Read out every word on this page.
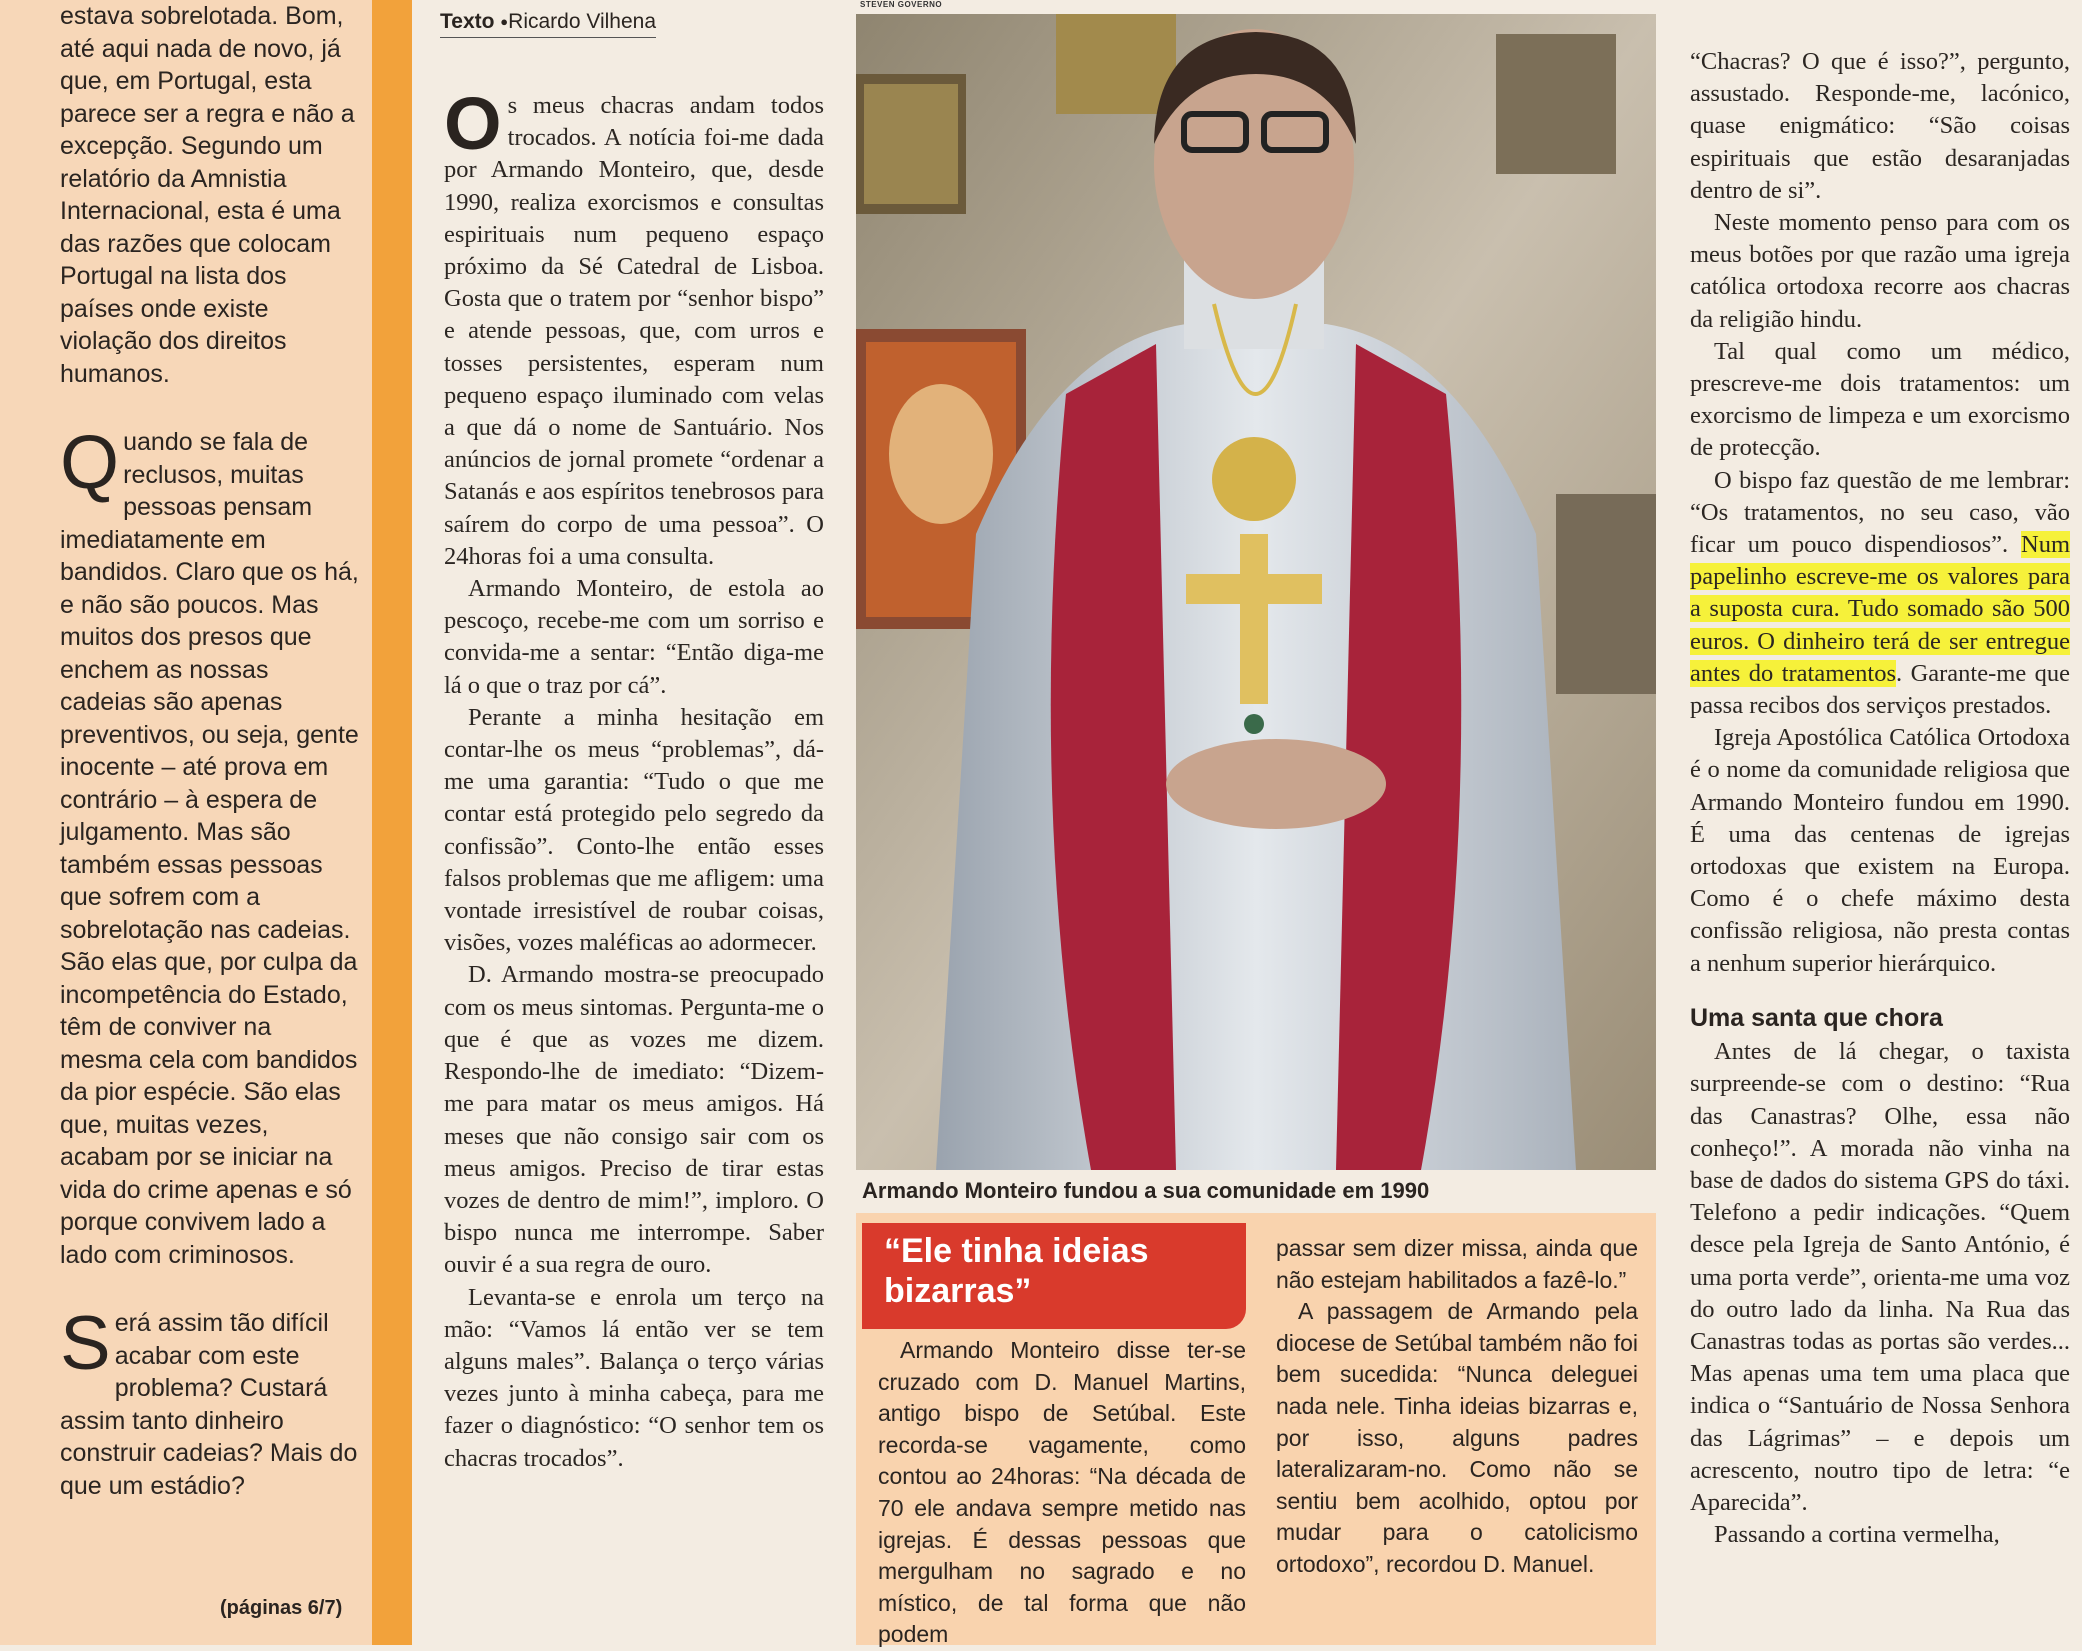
estava sobrelotada. Bom, até aqui nada de novo, já que, em Portugal, esta parece ser a regra e não a excepção. Segundo um relatório da Amnistia Internacional, esta é uma das razões que colocam Portugal na lista dos países onde existe violação dos direitos humanos.

Quando se fala de reclusos, muitas pessoas pensam imediatamente em bandidos. Claro que os há, e não são poucos. Mas muitos dos presos que enchem as nossas cadeias são apenas preventivos, ou seja, gente inocente – até prova em contrário – à espera de julgamento. Mas são também essas pessoas que sofrem com a sobrelotação nas cadeias. São elas que, por culpa da incompetência do Estado, têm de conviver na mesma cela com bandidos da pior espécie. São elas que, muitas vezes, acabam por se iniciar na vida do crime apenas e só porque convivem lado a lado com criminosos.

Será assim tão difícil acabar com este problema? Custará assim tanto dinheiro construir cadeias? Mais do que um estádio?

(páginas 6/7)
Texto ●Ricardo Vilhena
STEVEN GOVERNO

Os meus chacras andam todos trocados. A notícia foi-me dada por Armando Monteiro, que, desde 1990, realiza exorcismos e consultas espirituais num pequeno espaço próximo da Sé Catedral de Lisboa. Gosta que o tratem por “senhor bispo” e atende pessoas, que, com urros e tosses persistentes, esperam num pequeno espaço iluminado com velas a que dá o nome de Santuário. Nos anúncios de jornal promete “ordenar a Satanás e aos espíritos tenebrosos para saírem do corpo de uma pessoa”. O 24horas foi a uma consulta.

Armando Monteiro, de estola ao pescoço, recebe-me com um sorriso e convida-me a sentar: “Então diga-me lá o que o traz por cá”.

Perante a minha hesitação em contar-lhe os meus “problemas”, dá-me uma garantia: “Tudo o que me contar está protegido pelo segredo da confissão”. Conto-lhe então esses falsos problemas que me afligem: uma vontade irresistível de roubar coisas, visões, vozes maléficas ao adormecer.

D. Armando mostra-se preocupado com os meus sintomas. Pergunta-me o que é que as vozes me dizem. Respondo-lhe de imediato: “Dizem-me para matar os meus amigos. Há meses que não consigo sair com os meus amigos. Preciso de tirar estas vozes de dentro de mim!”, imploro. O bispo nunca me interrompe. Saber ouvir é a sua regra de ouro.

Levanta-se e enrola um terço na mão: “Vamos lá então ver se tem alguns males”. Balança o terço várias vezes junto à minha cabeça, para me fazer o diagnóstico: “O senhor tem os chacras trocados”.

Armando Monteiro fundou a sua comunidade em 1990
“Ele tinha ideias bizarras”

Armando Monteiro disse ter-se cruzado com D. Manuel Martins, antigo bispo de Setúbal. Este recorda-se vagamente, como contou ao 24horas: “Na década de 70 ele andava sempre metido nas igrejas. É dessas pessoas que mergulham no sagrado e no místico, de tal forma que não podem

passar sem dizer missa, ainda que não estejam habilitados a fazê-lo.”

A passagem de Armando pela diocese de Setúbal também não foi bem sucedida: “Nunca deleguei nada nele. Tinha ideias bizarras e, por isso, alguns padres lateralizaram-no. Como não se sentiu bem acolhido, optou por mudar para o catolicismo ortodoxo”, recordou D. Manuel.

“Chacras? O que é isso?”, pergunto, assustado. Responde-me, lacónico, quase enigmático: “São coisas espirituais que estão desaranjadas dentro de si”.

Neste momento penso para com os meus botões por que razão uma igreja católica ortodoxa recorre aos chacras da religião hindu.

Tal qual como um médico, prescreve-me dois tratamentos: um exorcismo de limpeza e um exorcismo de protecção.

O bispo faz questão de me lembrar: “Os tratamentos, no seu caso, vão ficar um pouco dispendiosos”. Num papelinho escreve-me os valores para a suposta cura. Tudo somado são 500 euros. O dinheiro terá de ser entregue antes do tratamentos. Garante-me que passa recibos dos serviços prestados.

Igreja Apostólica Católica Ortodoxa é o nome da comunidade religiosa que Armando Monteiro fundou em 1990. É uma das centenas de igrejas ortodoxas que existem na Europa. Como é o chefe máximo desta confissão religiosa, não presta contas a nenhum superior hierárquico.

Uma santa que chora

Antes de lá chegar, o taxista surpreende-se com o destino: “Rua das Canastras? Olhe, essa não conheço!”. A morada não vinha na base de dados do sistema GPS do táxi. Telefono a pedir indicações. “Quem desce pela Igreja de Santo António, é uma porta verde”, orienta-me uma voz do outro lado da linha. Na Rua das Canastras todas as portas são verdes... Mas apenas uma tem uma placa que indica o “Santuário de Nossa Senhora das Lágrimas” – e depois um acrescento, noutro tipo de letra: “e Aparecida”.

Passando a cortina vermelha,
